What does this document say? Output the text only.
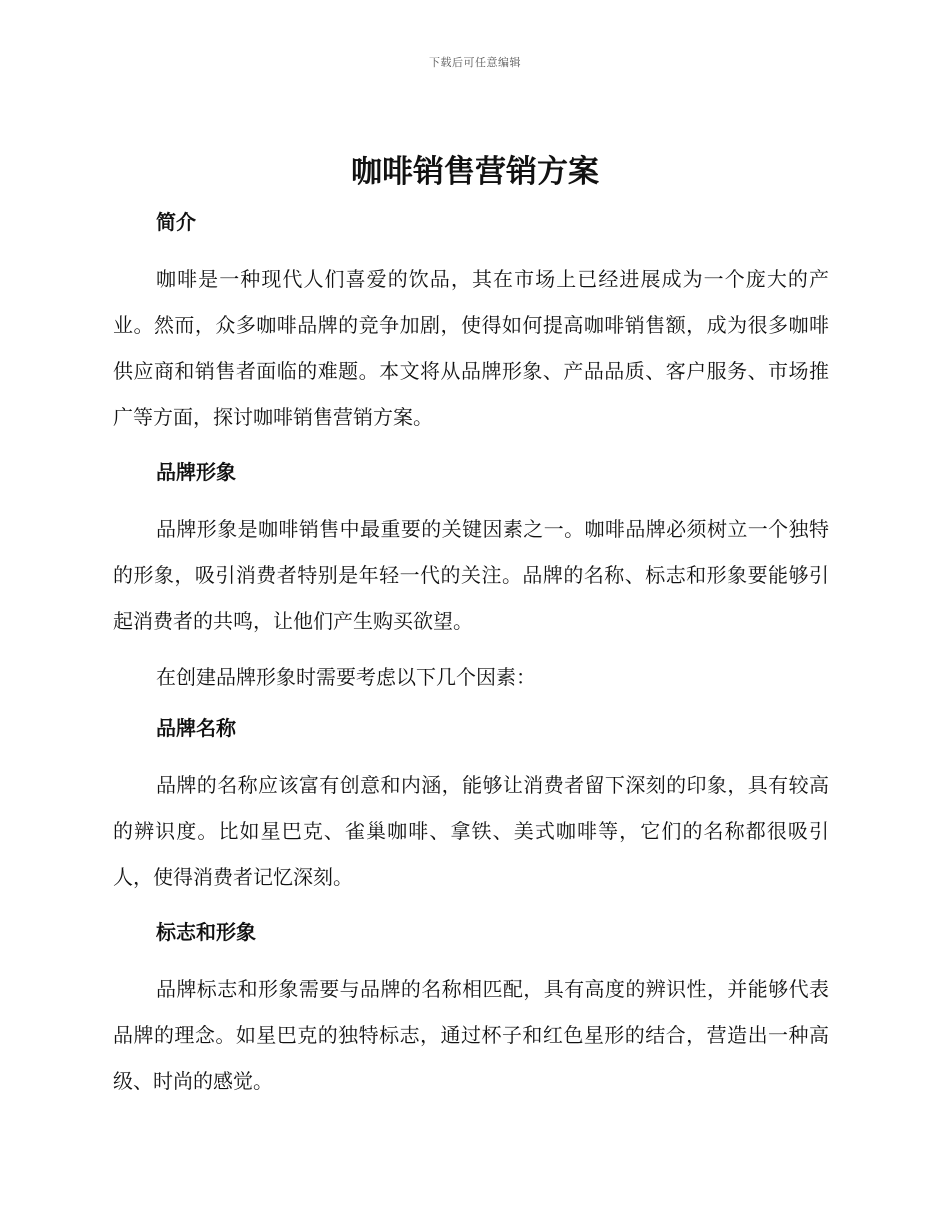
下载后可任意编辑
咖啡销售营销方案
简介

咖啡是一种现代人们喜爱的饮品，其在市场上已经进展成为一个庞大的产业。然而，众多咖啡品牌的竞争加剧，使得如何提高咖啡销售额，成为很多咖啡供应商和销售者面临的难题。本文将从品牌形象、产品品质、客户服务、市场推广等方面，探讨咖啡销售营销方案。

品牌形象

品牌形象是咖啡销售中最重要的关键因素之一。咖啡品牌必须树立一个独特的形象，吸引消费者特别是年轻一代的关注。品牌的名称、标志和形象要能够引起消费者的共鸣，让他们产生购买欲望。

在创建品牌形象时需要考虑以下几个因素：

品牌名称

品牌的名称应该富有创意和内涵，能够让消费者留下深刻的印象，具有较高的辨识度。比如星巴克、雀巢咖啡、拿铁、美式咖啡等，它们的名称都很吸引人，使得消费者记忆深刻。

标志和形象

品牌标志和形象需要与品牌的名称相匹配，具有高度的辨识性，并能够代表品牌的理念。如星巴克的独特标志，通过杯子和红色星形的结合，营造出一种高级、时尚的感觉。
